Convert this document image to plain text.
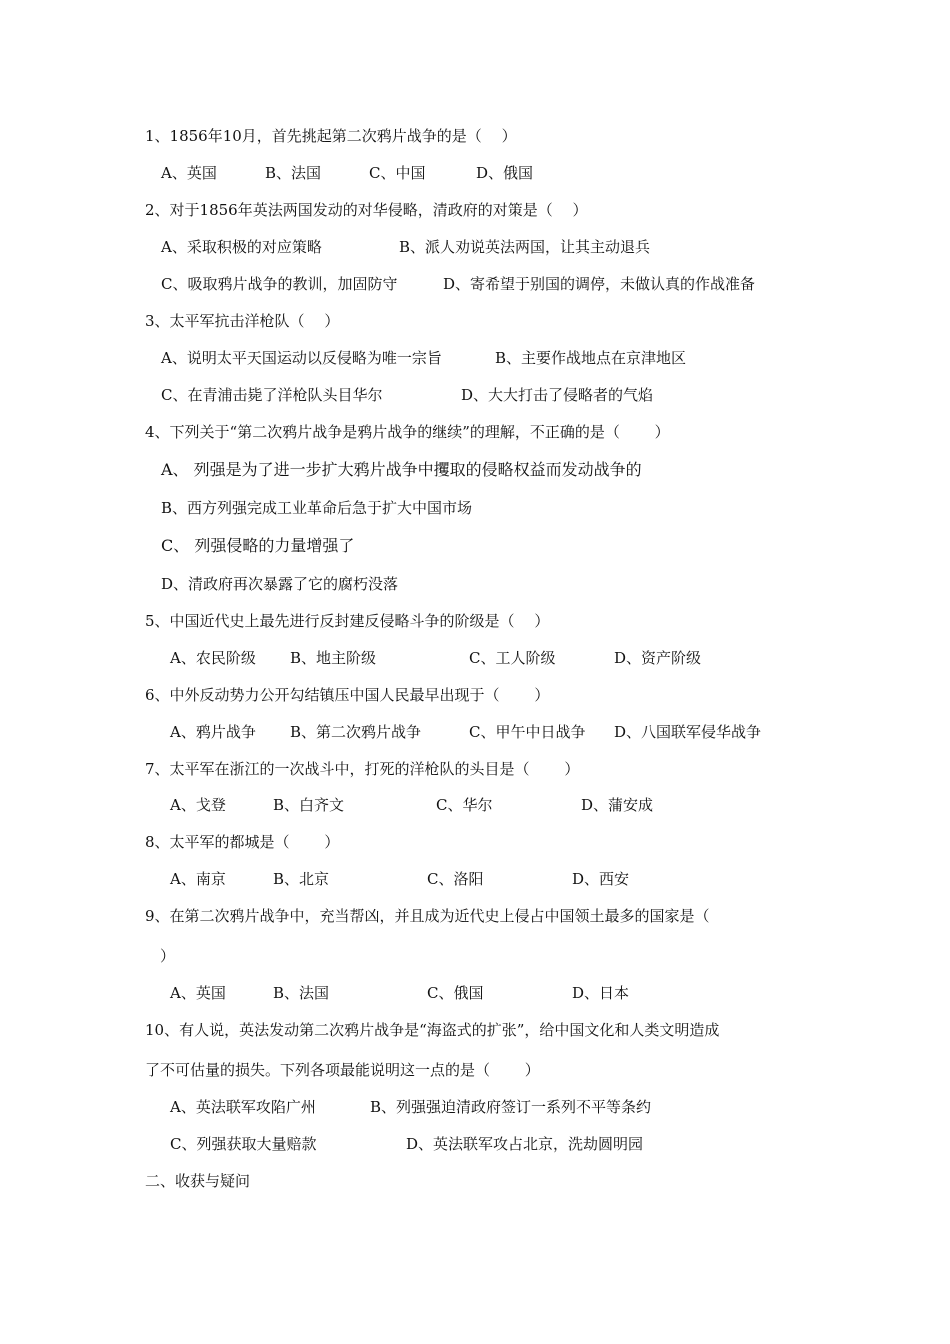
1、1856年10月，首先挑起第二次鸦片战争的是（　 ）
A、英国	B、法国	C、中国	D、俄国
2、对于1856年英法两国发动的对华侵略，清政府的对策是（　 ）
A、采取积极的对应策略	B、派人劝说英法两国，让其主动退兵
C、吸取鸦片战争的教训，加固防守	D、寄希望于别国的调停，未做认真的作战准备
3、太平军抗击洋枪队（　 ）
A、说明太平天国运动以反侵略为唯一宗旨	B、主要作战地点在京津地区
C、在青浦击毙了洋枪队头目华尔	D、大大打击了侵略者的气焰
4、下列关于“第二次鸦片战争是鸦片战争的继续”的理解，不正确的是（　　 ）
A、 列强是为了进一步扩大鸦片战争中攫取的侵略权益而发动战争的
B、西方列强完成工业革命后急于扩大中国市场
C、 列强侵略的力量增强了
D、清政府再次暴露了它的腐朽没落
5、中国近代史上最先进行反封建反侵略斗争的阶级是（　 ）
A、农民阶级 B、地主阶级	C、工人阶级	D、资产阶级
6、中外反动势力公开勾结镇压中国人民最早出现于（　　 ）
A、鸦片战争 B、第二次鸦片战争	C、甲午中日战争 D、八国联军侵华战争
7、太平军在浙江的一次战斗中，打死的洋枪队的头目是（　　 ）
A、戈登	B、白齐文	C、华尔	D、蒲安成
8、太平军的都城是（　　 ）
A、南京	B、北京	C、洛阳	D、西安
9、在第二次鸦片战争中，充当帮凶，并且成为近代史上侵占中国领土最多的国家是（
　）
A、英国	B、法国	C、俄国	D、日本
10、有人说，英法发动第二次鸦片战争是“海盗式的扩张”，给中国文化和人类文明造成
了不可估量的损失。下列各项最能说明这一点的是（　　 ）
A、英法联军攻陷广州	B、列强强迫清政府签订一系列不平等条约
C、列强获取大量赔款	D、英法联军攻占北京，洗劫圆明园
二、收获与疑问
